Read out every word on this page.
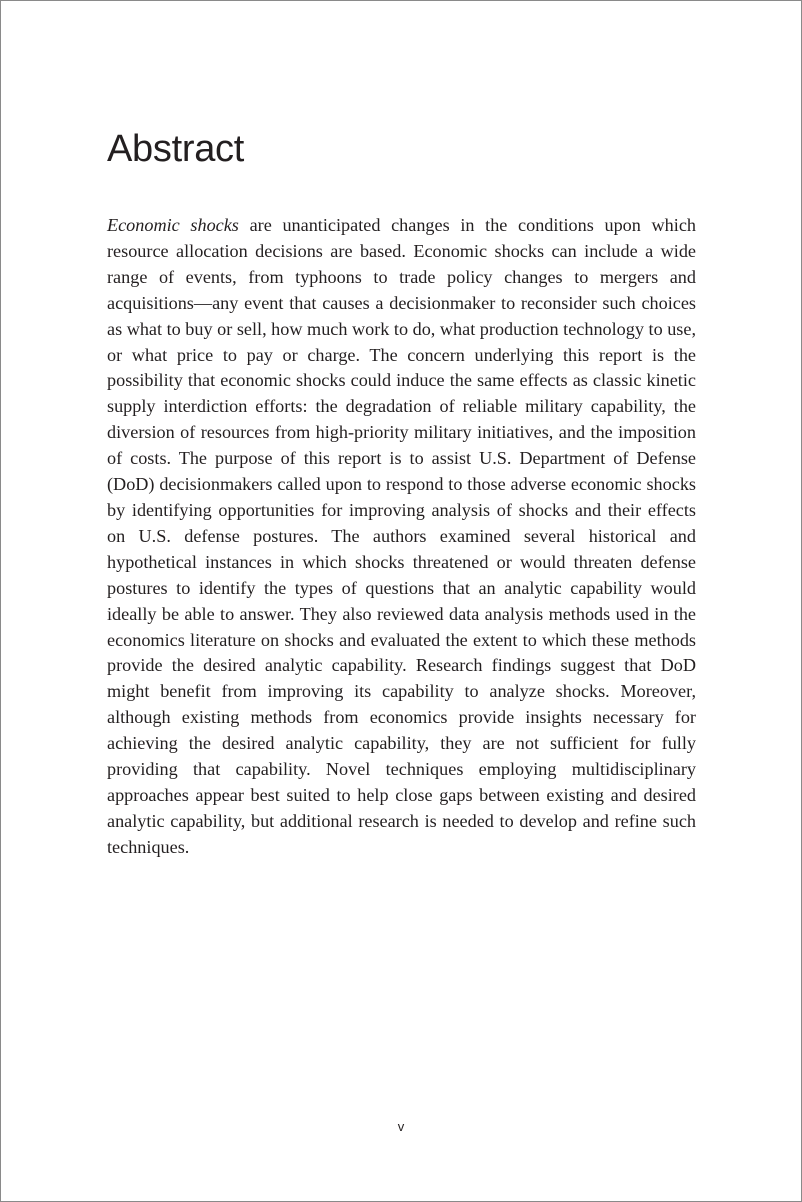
Abstract

Economic shocks are unanticipated changes in the conditions upon which resource allocation decisions are based. Economic shocks can include a wide range of events, from typhoons to trade policy changes to mergers and acquisitions—any event that causes a decisionmaker to reconsider such choices as what to buy or sell, how much work to do, what production technology to use, or what price to pay or charge. The concern underlying this report is the possibility that economic shocks could induce the same effects as classic kinetic supply interdiction efforts: the degradation of reliable military capability, the diversion of resources from high-priority military initiatives, and the imposition of costs. The purpose of this report is to assist U.S. Department of Defense (DoD) decisionmakers called upon to respond to those adverse economic shocks by identifying opportunities for improving analysis of shocks and their effects on U.S. defense postures. The authors examined several historical and hypothetical instances in which shocks threatened or would threaten defense postures to identify the types of questions that an analytic capability would ideally be able to answer. They also reviewed data analysis methods used in the economics literature on shocks and evaluated the extent to which these methods provide the desired analytic capability. Research findings suggest that DoD might benefit from improving its capability to analyze shocks. Moreover, although existing methods from economics provide insights necessary for achieving the desired analytic capability, they are not sufficient for fully providing that capability. Novel techniques employing multidisciplinary approaches appear best suited to help close gaps between existing and desired analytic capability, but additional research is needed to develop and refine such techniques.

v
